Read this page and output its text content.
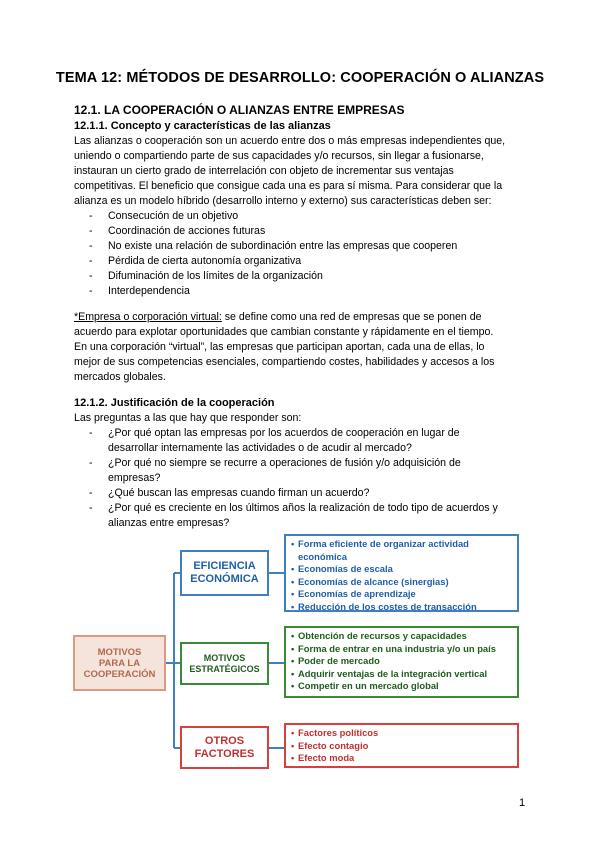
TEMA 12: MÉTODOS DE DESARROLLO: COOPERACIÓN O ALIANZAS
12.1. LA COOPERACIÓN O ALIANZAS ENTRE EMPRESAS
12.1.1. Concepto y características de las alianzas

Las alianzas o cooperación son un acuerdo entre dos o más empresas independientes que,

uniendo o compartiendo parte de sus capacidades y/o recursos, sin llegar a fusionarse,

instauran un cierto grado de interrelación con objeto de incrementar sus ventajas

competitivas. El beneficio que consigue cada una es para sí misma. Para considerar que la

alianza es un modelo híbrido (desarrollo interno y externo) sus características deben ser:

- Consecución de un objetivo
- Coordinación de acciones futuras
- No existe una relación de subordinación entre las empresas que cooperen
- Pérdida de cierta autonomía organizativa
- Difuminación de los límites de la organización
- Interdependencia

*Empresa o corporación virtual: se define como una red de empresas que se ponen de

acuerdo para explotar oportunidades que cambian constante y rápidamente en el tiempo.

En una corporación “virtual”, las empresas que participan aportan, cada una de ellas, lo

mejor de sus competencias esenciales, compartiendo costes, habilidades y accesos a los

mercados globales.

12.1.2. Justificación de la cooperación
Las preguntas a las que hay que responder son:
- ¿Por qué optan las empresas por los acuerdos de cooperación en lugar de
desarrollar internamente las actividades o de acudir al mercado?
- ¿Por qué no siempre se recurre a operaciones de fusión y/o adquisición de
empresas?
- ¿Qué buscan las empresas cuando firman un acuerdo?
- ¿Por qué es creciente en los últimos años la realización de todo tipo de acuerdos y
alianzas entre empresas?
MOTIVOS
PARA LA
COOPERACIÓN
EFICIENCIA
ECONÓMICA
MOTIVOS
ESTRATÉGICOS
OTROS
FACTORES
• Forma eficiente de organizar actividad económica
• Economías de escala
• Economías de alcance (sinergias)
• Economías de aprendizaje
• Reducción de los costes de transacción
• Obtención de recursos y capacidades
• Forma de entrar en una industria y/o un país
• Poder de mercado
• Adquirir ventajas de la integración vertical
• Competir en un mercado global
• Factores políticos
• Efecto contagio
• Efecto moda
1
